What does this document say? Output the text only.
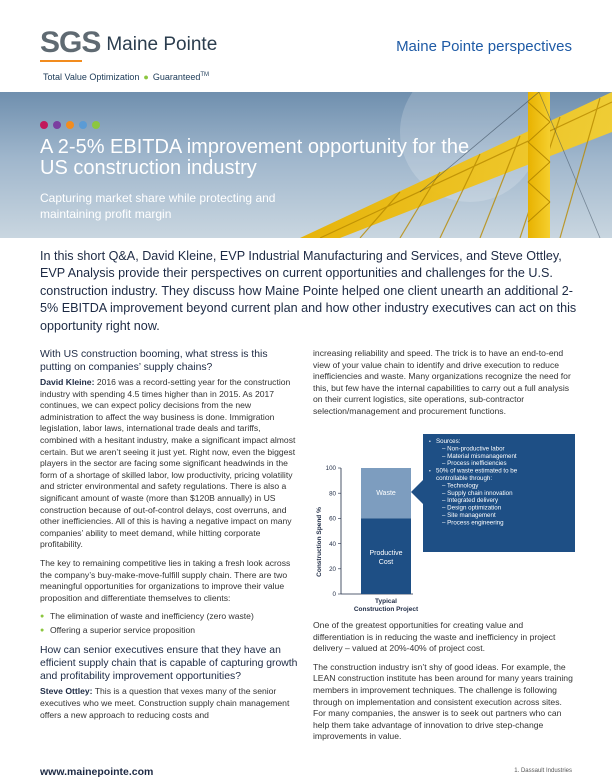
SGS Maine Pointe
Total Value Optimization ● Guaranteed™
Maine Pointe perspectives
A 2-5% EBITDA improvement opportunity for the US construction industry
Capturing market share while protecting and maintaining profit margin
In this short Q&A, David Kleine, EVP Industrial Manufacturing and Services, and Steve Ottley, EVP Analysis provide their perspectives on current opportunities and challenges for the U.S. construction industry. They discuss how Maine Pointe helped one client unearth an additional 2-5% EBITDA improvement beyond current plan and how other industry executives can act on this opportunity right now.
With US construction booming, what stress is this putting on companies’ supply chains?

David Kleine: 2016 was a record-setting year for the construction industry with spending 4.5 times higher than in 2015. As 2017 continues, we can expect policy decisions from the new administration to affect the way business is done. Immigration legislation, labor laws, international trade deals and tariffs, combined with a hesitant industry, make a significant impact almost certain. But we aren’t seeing it just yet. Right now, even the biggest players in the sector are facing some significant headwinds in the form of a shortage of skilled labor, low productivity, pricing volatility and stricter environmental and safety regulations. There is also a significant amount of waste (more than $120B annually) in US construction because of out-of-control delays, cost overruns, and other inefficiencies. All of this is having a negative impact on many companies’ ability to meet demand, while hitting corporate profitability.

The key to remaining competitive lies in taking a fresh look across the company’s buy-make-move-fulfill supply chain. There are two meaningful opportunities for organizations to improve their value proposition and differentiate themselves to clients:

● The elimination of waste and inefficiency (zero waste)
● Offering a superior service proposition
How can senior executives ensure that they have an efficient supply chain that is capable of capturing growth and profitability improvement opportunities?

Steve Ottley: This is a question that vexes many of the senior executives who we meet. Construction supply chain management offers a new approach to reducing costs and

increasing reliability and speed. The trick is to have an end-to-end view of your value chain to identify and drive execution to reduce inefficiencies and waste. Many organizations recognize the need for this, but few have the internal capabilities to carry out a full analysis on their current logistics, site operations, sub-contractor selection/management and procurement functions.

Construction Spend %
0
20
40
60
80
100
Waste
Productive
Cost
Typical
Construction Project
• Sources:
– Non-productive labor
– Material mismanagement
– Process inefficiencies
• 50% of waste estimated to be
controllable through:
– Technology
– Supply chain innovation
– Integrated delivery
– Design optimization
– Site management
– Process engineering

One of the greatest opportunities for creating value and differentiation is in reducing the waste and inefficiency in project delivery – valued at 20%-40% of project cost.

The construction industry isn’t shy of good ideas. For example, the LEAN construction institute has been around for many years training members in improvement techniques. The challenge is following through on implementation and consistent execution across sites. For many companies, the answer is to seek out partners who can help them take advantage of innovation to drive step-change improvements in value.

www.mainepointe.com	1. Dassault Industries
